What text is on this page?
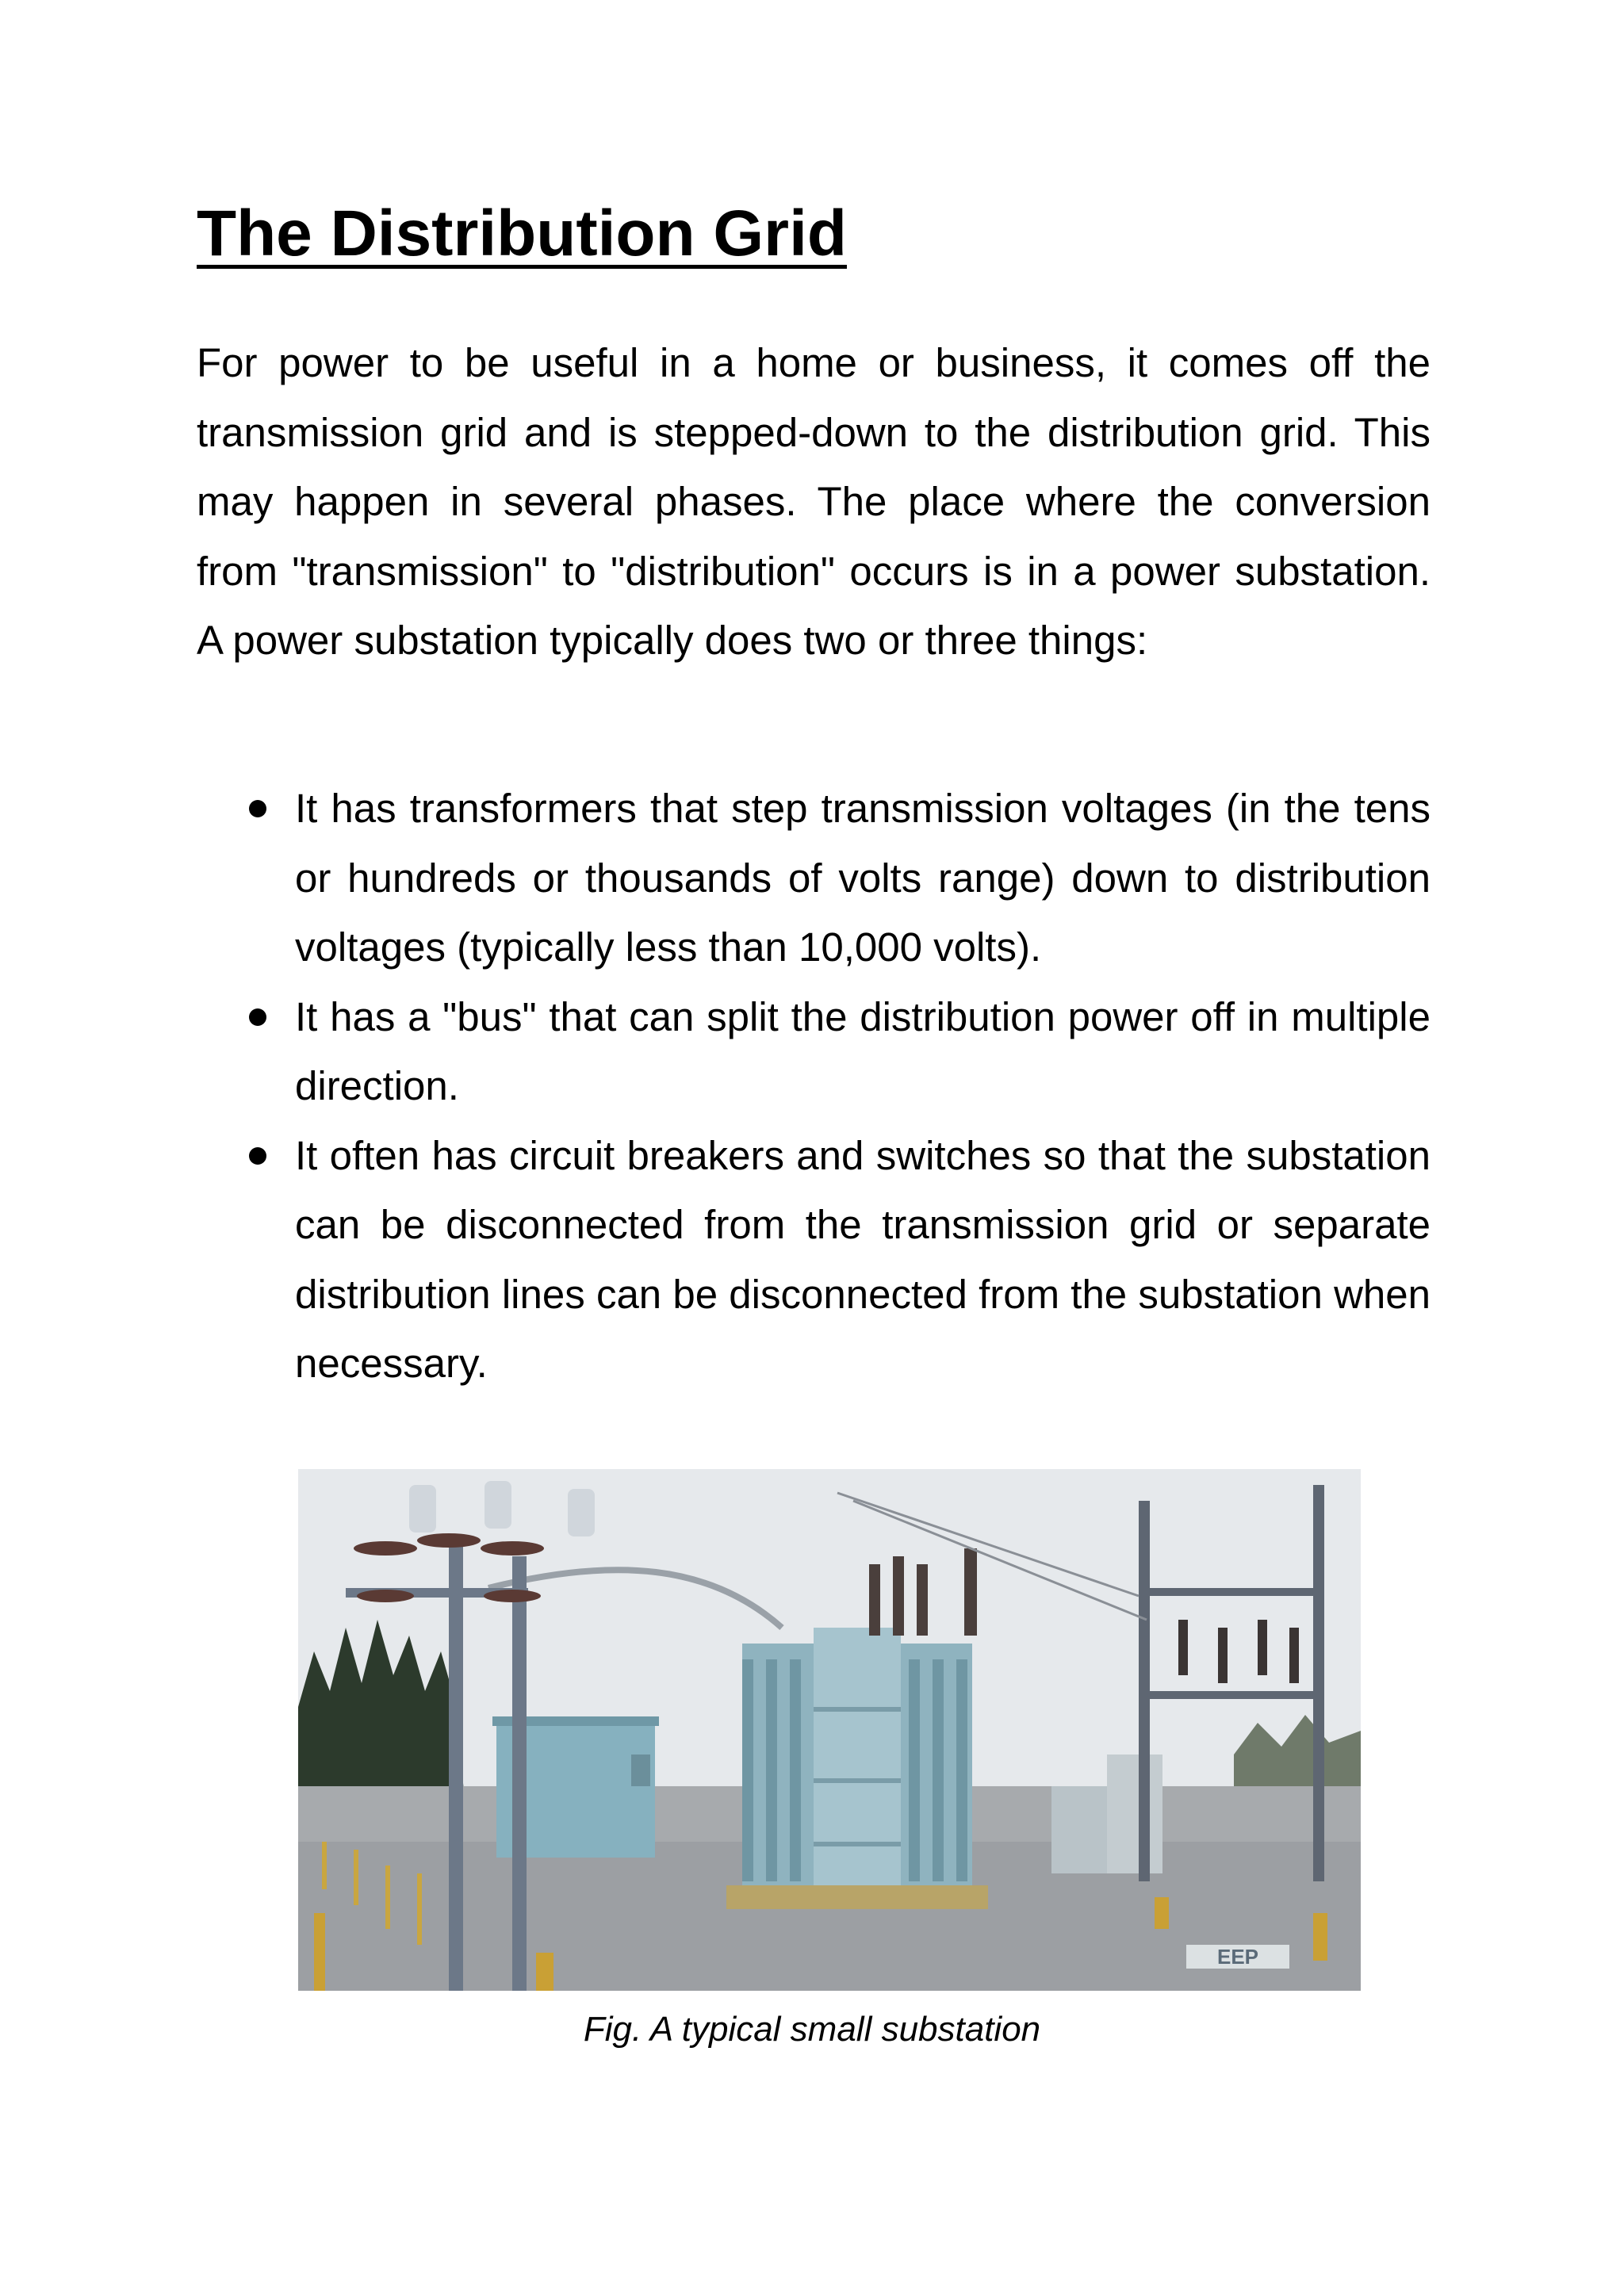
The Distribution Grid

For power to be useful in a home or business, it comes off the transmission grid and is stepped-down to the distribution grid. This may happen in several phases. The place where the conversion from "transmission" to "distribution" occurs is in a power substation. A power substation typically does two or three things:

It has transformers that step transmission voltages (in the tens or hundreds or thousands of volts range) down to distribution voltages (typically less than 10,000 volts).
It has a "bus" that can split the distribution power off in multiple direction.
It often has circuit breakers and switches so that the substation can be disconnected from the transmission grid or separate distribution lines can be disconnected from the substation when necessary.
EEP
Fig. A typical small substation
